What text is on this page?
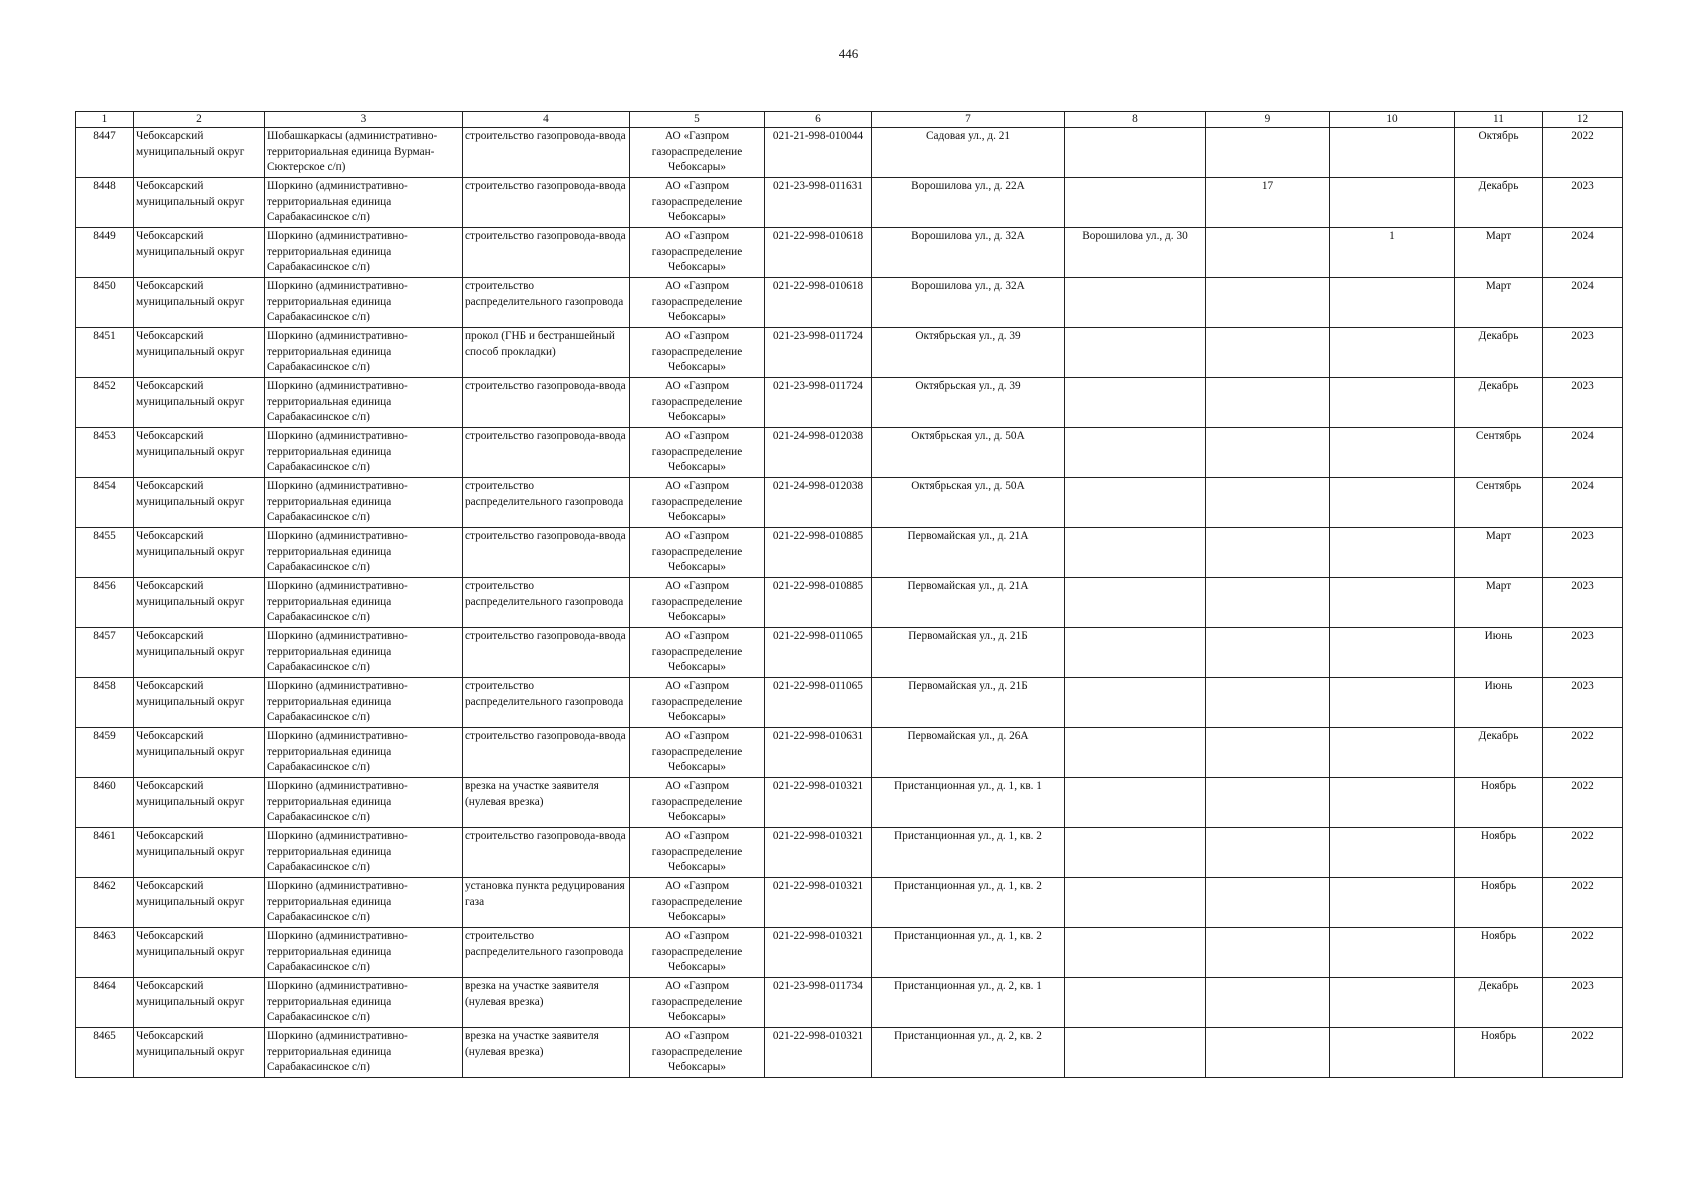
446
1	2	3	4	5	6	7	8	9	10	11	12
8447	Чебоксарский муниципальный округ	Шобашкаркасы (административно-территориальная единица Вурман-Сюктерское с/п)	строительство газопровода-ввода	АО «Газпром газораспределение Чебоксары»	021-21-998-010044	Садовая ул., д. 21				Октябрь	2022
8448	Чебоксарский муниципальный округ	Шоркино (административно-территориальная единица Сарабакасинское с/п)	строительство газопровода-ввода	АО «Газпром газораспределение Чебоксары»	021-23-998-011631	Ворошилова ул., д. 22А		17		Декабрь	2023
8449	Чебоксарский муниципальный округ	Шоркино (административно-территориальная единица Сарабакасинское с/п)	строительство газопровода-ввода	АО «Газпром газораспределение Чебоксары»	021-22-998-010618	Ворошилова ул., д. 32А	Ворошилова ул., д. 30		1	Март	2024
8450	Чебоксарский муниципальный округ	Шоркино (административно-территориальная единица Сарабакасинское с/п)	строительство распределительного газопровода	АО «Газпром газораспределение Чебоксары»	021-22-998-010618	Ворошилова ул., д. 32А				Март	2024
8451	Чебоксарский муниципальный округ	Шоркино (административно-территориальная единица Сарабакасинское с/п)	прокол (ГНБ и бестраншейный способ прокладки)	АО «Газпром газораспределение Чебоксары»	021-23-998-011724	Октябрьская ул., д. 39				Декабрь	2023
8452	Чебоксарский муниципальный округ	Шоркино (административно-территориальная единица Сарабакасинское с/п)	строительство газопровода-ввода	АО «Газпром газораспределение Чебоксары»	021-23-998-011724	Октябрьская ул., д. 39				Декабрь	2023
8453	Чебоксарский муниципальный округ	Шоркино (административно-территориальная единица Сарабакасинское с/п)	строительство газопровода-ввода	АО «Газпром газораспределение Чебоксары»	021-24-998-012038	Октябрьская ул., д. 50А				Сентябрь	2024
8454	Чебоксарский муниципальный округ	Шоркино (административно-территориальная единица Сарабакасинское с/п)	строительство распределительного газопровода	АО «Газпром газораспределение Чебоксары»	021-24-998-012038	Октябрьская ул., д. 50А				Сентябрь	2024
8455	Чебоксарский муниципальный округ	Шоркино (административно-территориальная единица Сарабакасинское с/п)	строительство газопровода-ввода	АО «Газпром газораспределение Чебоксары»	021-22-998-010885	Первомайская ул., д. 21А				Март	2023
8456	Чебоксарский муниципальный округ	Шоркино (административно-территориальная единица Сарабакасинское с/п)	строительство распределительного газопровода	АО «Газпром газораспределение Чебоксары»	021-22-998-010885	Первомайская ул., д. 21А				Март	2023
8457	Чебоксарский муниципальный округ	Шоркино (административно-территориальная единица Сарабакасинское с/п)	строительство газопровода-ввода	АО «Газпром газораспределение Чебоксары»	021-22-998-011065	Первомайская ул., д. 21Б				Июнь	2023
8458	Чебоксарский муниципальный округ	Шоркино (административно-территориальная единица Сарабакасинское с/п)	строительство распределительного газопровода	АО «Газпром газораспределение Чебоксары»	021-22-998-011065	Первомайская ул., д. 21Б				Июнь	2023
8459	Чебоксарский муниципальный округ	Шоркино (административно-территориальная единица Сарабакасинское с/п)	строительство газопровода-ввода	АО «Газпром газораспределение Чебоксары»	021-22-998-010631	Первомайская ул., д. 26А				Декабрь	2022
8460	Чебоксарский муниципальный округ	Шоркино (административно-территориальная единица Сарабакасинское с/п)	врезка на участке заявителя (нулевая врезка)	АО «Газпром газораспределение Чебоксары»	021-22-998-010321	Пристанционная ул., д. 1, кв. 1				Ноябрь	2022
8461	Чебоксарский муниципальный округ	Шоркино (административно-территориальная единица Сарабакасинское с/п)	строительство газопровода-ввода	АО «Газпром газораспределение Чебоксары»	021-22-998-010321	Пристанционная ул., д. 1, кв. 2				Ноябрь	2022
8462	Чебоксарский муниципальный округ	Шоркино (административно-территориальная единица Сарабакасинское с/п)	установка пункта редуцирования газа	АО «Газпром газораспределение Чебоксары»	021-22-998-010321	Пристанционная ул., д. 1, кв. 2				Ноябрь	2022
8463	Чебоксарский муниципальный округ	Шоркино (административно-территориальная единица Сарабакасинское с/п)	строительство распределительного газопровода	АО «Газпром газораспределение Чебоксары»	021-22-998-010321	Пристанционная ул., д. 1, кв. 2				Ноябрь	2022
8464	Чебоксарский муниципальный округ	Шоркино (административно-территориальная единица Сарабакасинское с/п)	врезка на участке заявителя (нулевая врезка)	АО «Газпром газораспределение Чебоксары»	021-23-998-011734	Пристанционная ул., д. 2, кв. 1				Декабрь	2023
8465	Чебоксарский муниципальный округ	Шоркино (административно-территориальная единица Сарабакасинское с/п)	врезка на участке заявителя (нулевая врезка)	АО «Газпром газораспределение Чебоксары»	021-22-998-010321	Пристанционная ул., д. 2, кв. 2				Ноябрь	2022
